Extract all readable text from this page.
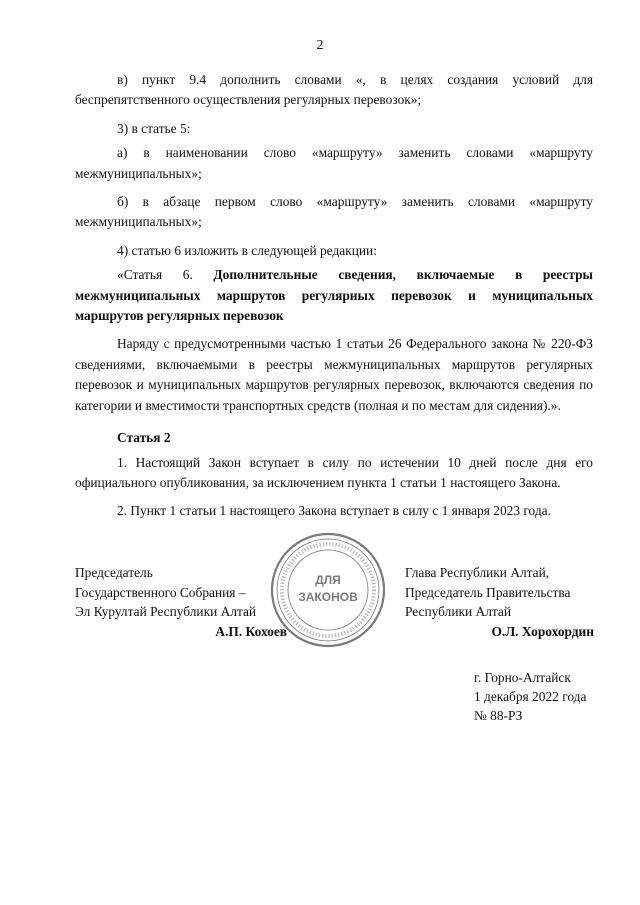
2

в) пункт 9.4 дополнить словами «, в целях создания условий для беспрепятственного осуществления регулярных перевозок»;

3) в статье 5:

а) в наименовании слово «маршруту» заменить словами «маршруту межмуниципальных»;

б) в абзаце первом слово «маршруту» заменить словами «маршруту межмуниципальных»;

4) статью 6 изложить в следующей редакции:

«Статья 6. Дополнительные сведения, включаемые в реестры межмуниципальных маршрутов регулярных перевозок и муниципальных маршрутов регулярных перевозок

Наряду с предусмотренными частью 1 статьи 26 Федерального закона № 220-ФЗ сведениями, включаемыми в реестры межмуниципальных маршрутов регулярных перевозок и муниципальных маршрутов регулярных перевозок, включаются сведения по категории и вместимости транспортных средств (полная и по местам для сидения).».

Статья 2

1. Настоящий Закон вступает в силу по истечении 10 дней после дня его официального опубликования, за исключением пункта 1 статьи 1 настоящего Закона.

2. Пункт 1 статьи 1 настоящего Закона вступает в силу с 1 января 2023 года.

Председатель
Государственного Собрания –
Эл Курултай Республики Алтай
А.П. Кохоев
ДЛЯ
ЗАКОНОВ
Глава Республики Алтай,
Председатель Правительства
Республики Алтай
О.Л. Хорохордин
г. Горно-Алтайск
1 декабря 2022 года
№ 88-РЗ
